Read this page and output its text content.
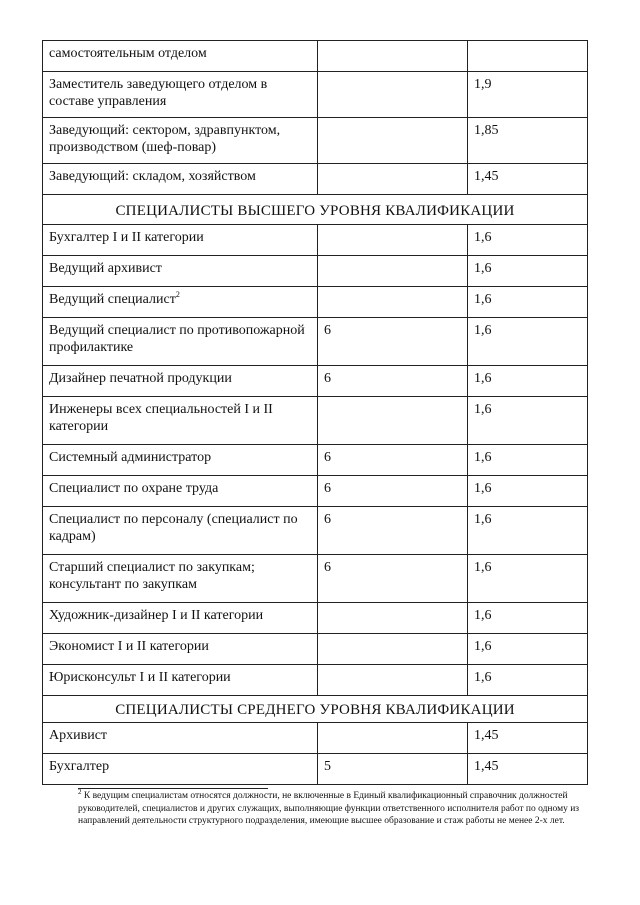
самостоятельным отделом		
Заместитель заведующего отделом в составе управления		1,9
Заведующий: сектором, здравпунктом, производством (шеф-повар)		1,85
Заведующий: складом, хозяйством		1,45
СПЕЦИАЛИСТЫ ВЫСШЕГО УРОВНЯ КВАЛИФИКАЦИИ		
Бухгалтер I и II категории		1,6
Ведущий архивист		1,6
Ведущий специалист$^2$		1,6
Ведущий специалист по противопожарной профилактике	6	1,6
Дизайнер печатной продукции	6	1,6
Инженеры всех специальностей I и II категории		1,6
Системный администратор	6	1,6
Специалист по охране труда	6	1,6
Специалист по персоналу (специалист по кадрам)	6	1,6
Старший специалист по закупкам; консультант по закупкам	6	1,6
Художник-дизайнер I и II категории		1,6
Экономист I и II категории		1,6
Юрисконсульт I и II категории		1,6
СПЕЦИАЛИСТЫ СРЕДНЕГО УРОВНЯ КВАЛИФИКАЦИИ		
Архивист		1,45
Бухгалтер	5	1,45
$^2$ К ведущим специалистам относятся должности, не включенные в Единый квалификационный справочник должностей руководителей, специалистов и других служащих, выполняющие функции ответственного исполнителя работ по одному из направлений деятельности структурного подразделения, имеющие высшее образование и стаж работы не менее 2-х лет.
